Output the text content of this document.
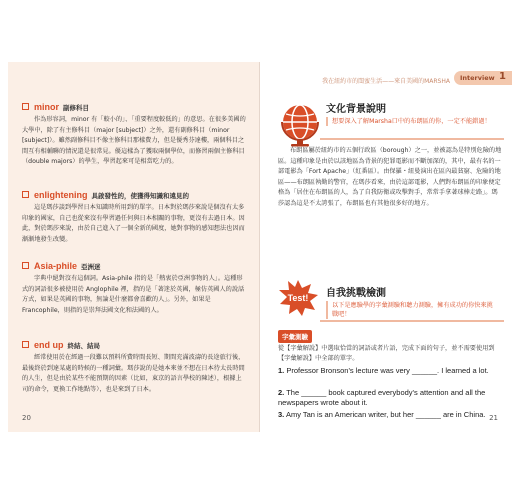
minor 副修科目
作為形容詞，minor 有「較小的」、「重要程度較低的」的意思。在很多美國的大學中，除了有主修科目（major [subject]）之外，還有副修科目（minor [subject]）。雖然副修科目不像主修科目那樣費力，但是優秀芬達樓，兩個科目之間互有相輔聯的情況還是很常見。優這樣為了獲取兩個學位，而修習兩個主修科目（double majors）的學生，學習起來可是相當吃力的。
enlightening 具啟發性的，使獲得知識和遠見的
這是瑪莎談到學習日本知識時所用到的單字。日本對於瑪莎來說是個沒有太多印象的國家，自己也從來沒有學習過任何與日本相關的事物，更沒有去過日本。因此，對於瑪莎來說，由於自己進入了一個全新的國度，她對事物的感知想法也因而漸漸地發生改變。
Asia-phile 亞洲迷
字典中絕對沒有這個詞。Asia-phile 指的是「熱衷於亞洲事物的人」。這種形式的詞語很多被使用於 Anglophile 裡，指的是「著迷於英國，極仿英國人的說話方式，如果是英國的事物，無論是什麼都會喜歡的人」。另外，如果是 Francophile，則指的是崇拜法國文化和法國的人。
end up 終結、結局
經常使用於在經過一段難以預料所費時間長短、期間充滿波濤的長途旅行後，最後終於到達某處的時候的一種詞彙。瑪莎說的是她本來並不想在日本待太長時間的人生，但是由於某些不能預期的因素（比如，東京的語言學校的陳述），根據上司的命令，更換工作地點等），也是來到了日本。
20
我在紐約市的閨蜜生活——來自美國的MARSHA	Interview 1
文化背景說明
想要深入了解Marsha口中的布朗區的你，一定不能錯過！
布朗區屬於紐約市的五個行政區（borough）之一，並被認為是特別危險的地區。這種印象是由於以該地區為背景的犯罪電影而不斷加深的，其中，最有名的一部電影為「Fort Apache」（紅番區）。由保羅・紐曼演出在區內最貧窮、危險的地區——布朗區執勤的警官，在瑪莎看來，由於這部電影，人們對布朗區的印象便定格為「居住在布朗區的人，為了自我防衛或攻擊對手，常常手拿著球棒走路」。瑪莎認為這是不太誇張了，布朗區也有其他很多好的地方。
Test! 自我挑戰檢測
以下是應驗學的字彙測驗和聽力測驗，擁有成功的你快來挑戰吧！
字彙測驗
從【字彙解說】中選取恰當的詞語或者片語，完成下面的句子，並不需要使用到【字彙解說】中全部的單字。
1. Professor Bronson's lecture was very ______. I learned a lot.
2. The ______ book captured everybody's attention and all the newspapers wrote about it.
3. Amy Tan is an American writer, but her ______ are in China. 21
